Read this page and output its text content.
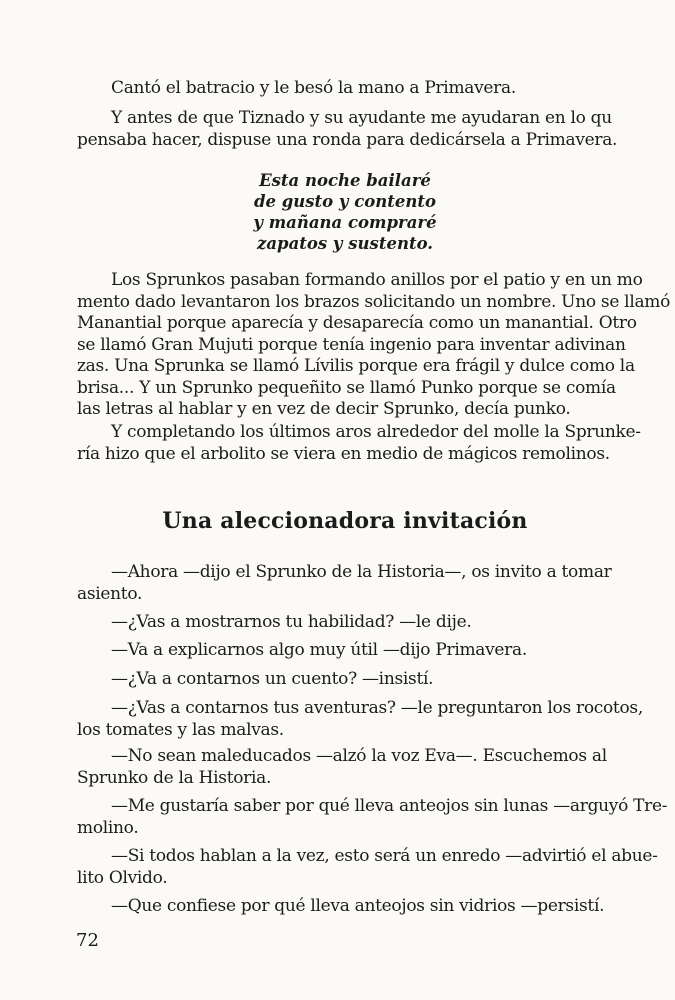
Cantó el batracio y le besó la mano a Primavera.

Y antes de que Tiznado y su ayudante me ayudaran en lo qu
pensaba hacer, dispuse una ronda para dedicársela a Primavera.

Esta noche bailaré
de gusto y contento
y mañana compraré
zapatos y sustento.

Los Sprunkos pasaban formando anillos por el patio y en un mo
mento dado levantaron los brazos solicitando un nombre. Uno se llamó
Manantial porque aparecía y desaparecía como un manantial. Otro
se llamó Gran Mujuti porque tenía ingenio para inventar adivinan
zas. Una Sprunka se llamó Lívilis porque era frágil y dulce como la
brisa... Y un Sprunko pequeñito se llamó Punko porque se comía
las letras al hablar y en vez de decir Sprunko, decía punko.

Y completando los últimos aros alrededor del molle la Sprunke-
ría hizo que el arbolito se viera en medio de mágicos remolinos.

Una aleccionadora invitación

—Ahora —dijo el Sprunko de la Historia—, os invito a tomar
asiento.

—¿Vas a mostrarnos tu habilidad? —le dije.

—Va a explicarnos algo muy útil —dijo Primavera.

—¿Va a contarnos un cuento? —insistí.

—¿Vas a contarnos tus aventuras? —le preguntaron los rocotos,
los tomates y las malvas.

—No sean maleducados —alzó la voz Eva—. Escuchemos al
Sprunko de la Historia.

—Me gustaría saber por qué lleva anteojos sin lunas —arguyó Tre-
molino.

—Si todos hablan a la vez, esto será un enredo —advirtió el abue-
lito Olvido.

—Que confiese por qué lleva anteojos sin vidrios —persistí.

72
